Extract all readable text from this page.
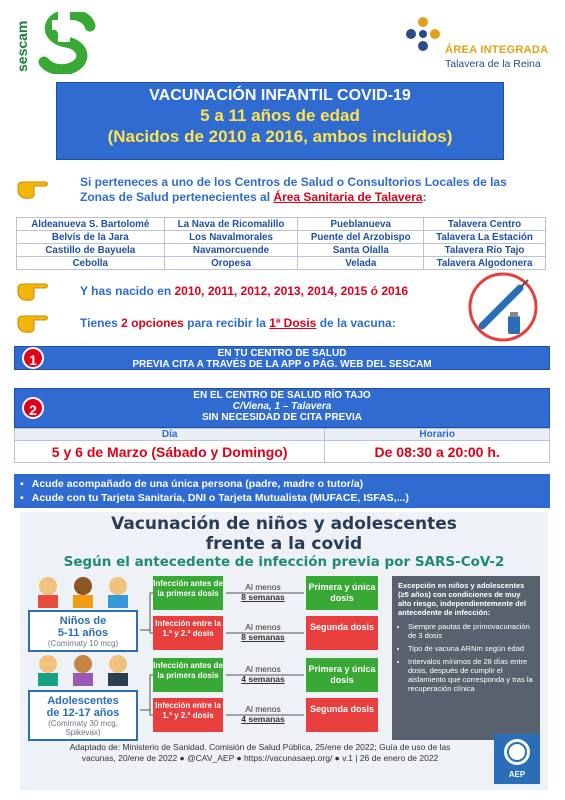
sescam	ÁREA INTEGRADA
Talavera de la Reina
VACUNACIÓN INFANTIL COVID-19
5 a 11 años de edad
(Nacidos de 2010 a 2016, ambos incluidos)
Si perteneces a uno de los Centros de Salud o Consultorios Locales de las Zonas de Salud pertenecientes al Área Sanitaria de Talavera:
Aldeanueva S. Bartolomé	La Nava de Ricomalillo	Pueblanueva	Talavera Centro
Belvís de la Jara	Los Navalmorales	Puente del Arzobispo	Talavera La Estación
Castillo de Bayuela	Navamorcuende	Santa Olalla	Talavera Río Tajo
Cebolla	Oropesa	Velada	Talavera Algodonera
Y has nacido en 2010, 2011, 2012, 2013, 2014, 2015 ó 2016
Tienes 2 opciones para recibir la 1ª Dosis de la vacuna:
EN TU CENTRO DE SALUD
PREVIA CITA A TRAVÉS DE LA APP o PÁG. WEB DEL SESCAM
1
EN EL CENTRO DE SALUD RÍO TAJO
C/Viena, 1 – Talavera
SIN NECESIDAD DE CITA PREVIA
2
Día	Horario
5 y 6 de Marzo (Sábado y Domingo)	De 08:30 a 20:00 h.
▪ Acude acompañado de una única persona (padre, madre o tutor/a)
▪ Acude con tu Tarjeta Sanitaria, DNI o Tarjeta Mutualista (MUFACE, ISFAS,...)
Vacunación de niños y adolescentes
frente a la covid
Según el antecedente de infección previa por SARS-CoV-2
Niños de
5-11 años
(Comirnaty 10 mcg)
Infección antes de la primera dosis
Al menos
8 semanas
Primera y única dosis
Infección entre la 1.ª y 2.ª dosis
Al menos
8 semanas
Segunda dosis
Adolescentes
de 12-17 años
(Comirnaty 30 mcg, Spikevax)
Infección antes de la primera dosis
Al menos
4 semanas
Primera y única dosis
Infección entre la 1.ª y 2.ª dosis
Al menos
4 semanas
Segunda dosis
Excepción en niños y adolescentes (≥5 años) con condiciones de muy alto riesgo, independientemente del antecedente de infección:
• Siempre pautas de primovacunación de 3 dosis
• Tipo de vacuna ARNm según edad
• Intervalos mínimos de 28 días entre dosis, después de cumplir el aislamiento que corresponda y tras la recuperación clínica
Adaptado de: Ministerio de Sanidad. Comisión de Salud Pública, 25/ene de 2022; Guía de uso de las
vacunas, 20/ene de 2022 ● @CAV_AEP ● https://vacunasaep.org/ ● v.1 | 26 de enero de 2022
AEP
